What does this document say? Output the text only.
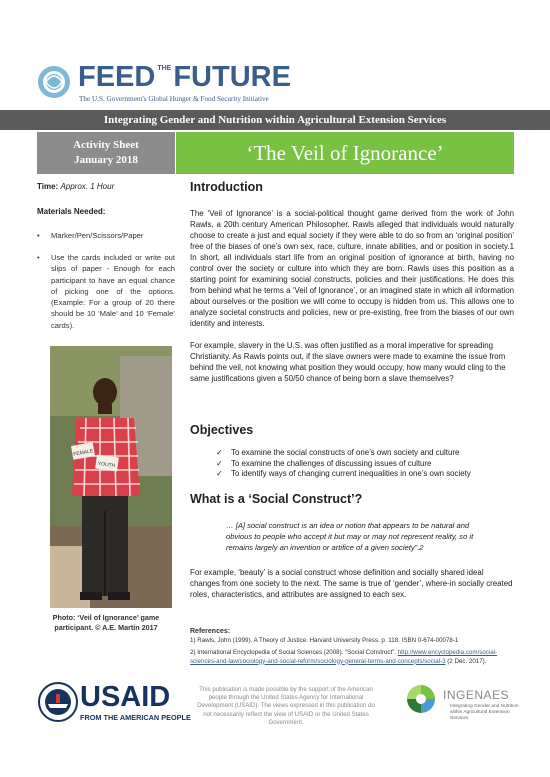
FEED THEFUTURE
The U.S. Government's Global Hunger & Food Security Initiative
Integrating Gender and Nutrition within Agricultural Extension Services
Activity Sheet
January 2018	‘The Veil of Ignorance’
Time: Approx. 1 Hour
Materials Needed:
• Marker/Pen/Scissors/Paper
• Use the cards included or write out slips of paper - Enough for each participant to have an equal chance of picking one of the options. (Example: For a group of 20 there should be 10 ‘Male’ and 10 ‘Female’ cards).
FEMALE
YOUTH
Photo: ‘Veil of Ignorance’ game
participant. © A.E. Martin 2017
Introduction
The ‘Veil of Ignorance’ is a social-political thought game derived from the work of John Rawls, a 20th century American Philosopher. Rawls alleged that individuals would naturally choose to create a just and equal society if they were able to do so from an ‘original position’ free of the biases of one’s own sex, race, culture, innate abilities, and or position in society.1 In short, all individuals start life from an original position of ignorance at birth, having no control over the society or culture into which they are born. Rawls uses this position as a starting point for examining social constructs, policies and their justifications. He does this from behind what he terms a ‘Veil of Ignorance’, or an imagined state in which all information about ourselves or the position we will come to occupy is hidden from us. This allows one to analyze societal constructs and policies, new or pre-existing, free from the biases of our own identity and interests.
For example, slavery in the U.S. was often justified as a moral imperative for spreading Christianity. As Rawls points out, if the slave owners were made to examine the issue from behind the veil, not knowing what position they would occupy, how many would cling to the same justifications given a 50/50 chance of being born a slave themselves?
Objectives
✓ To examine the social constructs of one’s own society and culture
✓ To examine the challenges of discussing issues of culture
✓ To identify ways of changing current inequalities in one’s own society
What is a ‘Social Construct’?
… [A] social construct is an idea or notion that appears to be natural and obvious to people who accept it but may or may not represent reality, so it remains largely an invention or artifice of a given society”.2
For example, ‘beauty’ is a social construct whose definition and socially shared ideal changes from one society to the next. The same is true of ‘gender’, where-in socially created roles, characteristics, and attributes are assigned to each sex.
References:
1) Rawls, John (1999). A Theory of Justice. Harvard University Press. p. 118. ISBN 0-674-00078-1
2) International Encyclopedia of Social Sciences (2008). “Social Construct”. http://www.encyclopedia.com/social-sciences-and-law/sociology-and-social-reform/sociology-general-terms-and-concepts/social-3 (2 Dec. 2017).
USAID
FROM THE AMERICAN PEOPLE
This publication is made possible by the support of the American people through the United States Agency for International Development (USAID). The views expressed in this publication do not necessarily reflect the view of USAID or the United States Government.
INGENAES
Integrating Gender and Nutrition within Agricultural Extension Services
